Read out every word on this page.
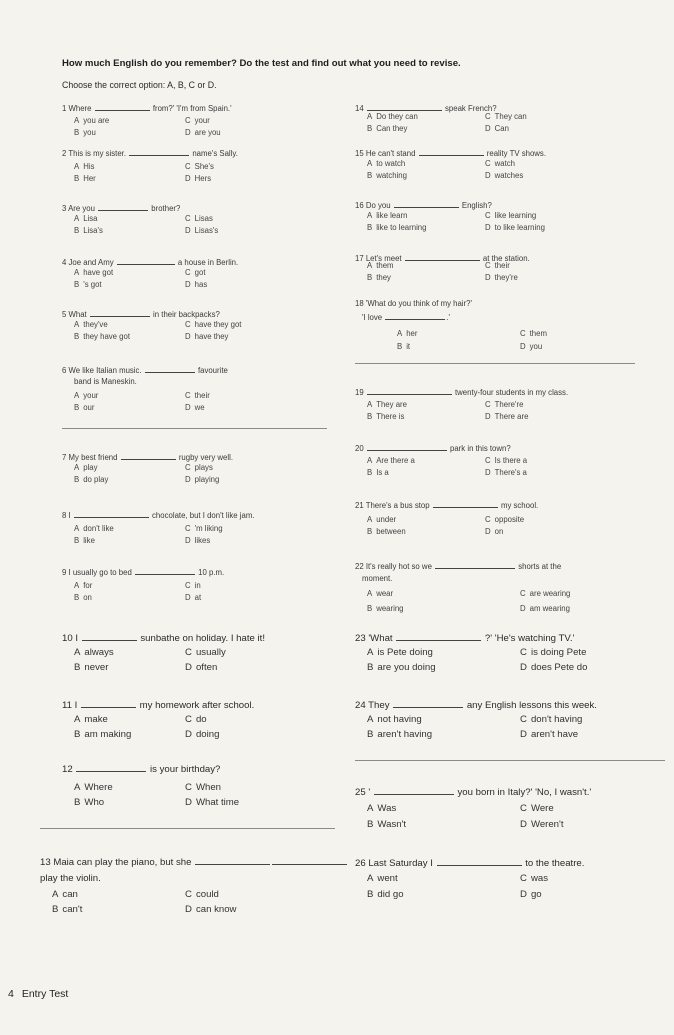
How much English do you remember? Do the test and find out what you need to revise.
Choose the correct option: A, B, C or D.
1 Where	from?' 'I'm from Spain.'
A you are
B you
C your
D are you
2 This is my sister.	name's Sally.
A His
B Her
C She's
D Hers
3 Are you	brother?
A Lisa
B Lisa's
C Lisas
D Lisas's
4 Joe and Amy	a house in Berlin.
A have got
B 's got
C got
D has
5 What	in their backpacks?
A they've
B they have got
C have they got
D have they
6 We like Italian music.	favourite
band is Maneskin.
A your
B our
C their
D we
7 My best friend	rugby very well.
A play
B do play
C plays
D playing
8 I	chocolate, but I don't like jam.
A don't like
B like
C 'm liking
D likes
9 I usually go to bed	10 p.m.
A for
B on
C in
D at
10 I	sunbathe on holiday. I hate it!
A always
B never
C usually
D often
11 I	my homework after school.
A make
B am making
C do
D doing
12	is your birthday?
A Where
B Who
C When
D What time
13 Maia can play the piano, but she
play the violin.
A can
B can't
C could
D can know
14	speak French?
A Do they can
B Can they
C They can
D Can
15 He can't stand	reality TV shows.
A to watch
B watching
C watch
D watches
16 Do you	English?
A like learn
B like to learning
C like learning
D to like learning
17 Let's meet	at the station.
A them
B they
C their
D they're
18 'What do you think of my hair?'
'I love	.'
A her
B it
C them
D you
19	twenty-four students in my class.
A They are
B There is
C There're
D There are
20	park in this town?
A Are there a
B Is a
C Is there a
D There's a
21 There's a bus stop	my school.
A under
B between
C opposite
D on
22 It's really hot so we	shorts at the
moment.
A wear
B wearing
C are wearing
D am wearing
23 'What	?' 'He's watching TV.'
A is Pete doing
B are you doing
C is doing Pete
D does Pete do
24 They	any English lessons this week.
A not having
B aren't having
C don't having
D aren't have
25 '	you born in Italy?' 'No, I wasn't.'
A Was
B Wasn't
C Were
D Weren't
26 Last Saturday I	to the theatre.
A went
B did go
C was
D go
4 Entry Test
